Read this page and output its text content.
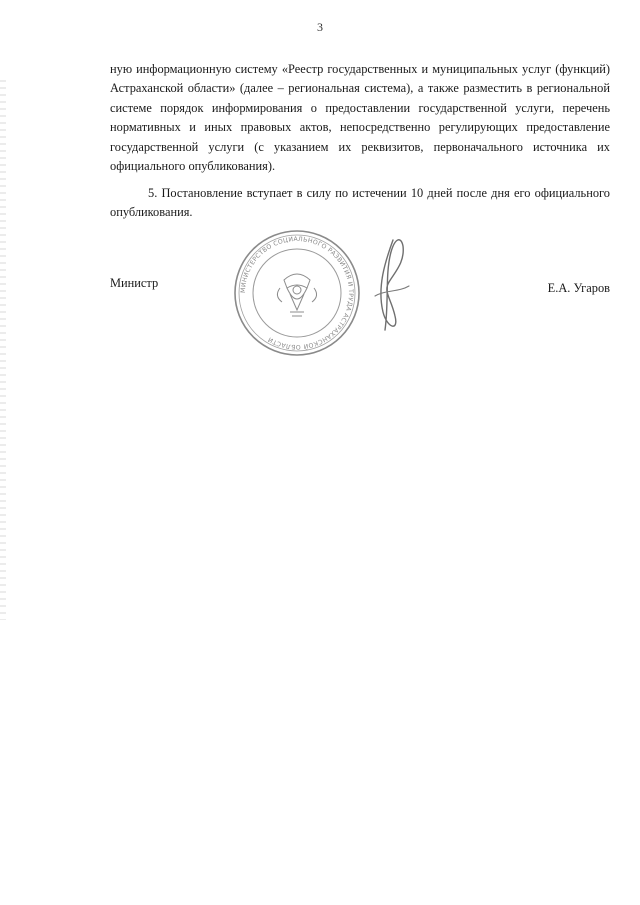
3

ную информационную систему «Реестр государственных и муниципальных услуг (функций) Астраханской области» (далее – региональная система), а также разместить в региональной системе порядок информирования о предоставлении государственной услуги, перечень нормативных и иных правовых актов, непосредственно регулирующих предоставление государственной услуги (с указанием их реквизитов, первоначального источника их официального опубликования).

5. Постановление вступает в силу по истечении 10 дней после дня его официального опубликования.

Министр	Е.А. Угаров
МИНИСТЕРСТВО СОЦИАЛЬНОГО РАЗВИТИЯ И ТРУДА АСТРАХАНСКОЙ ОБЛАСТИ
